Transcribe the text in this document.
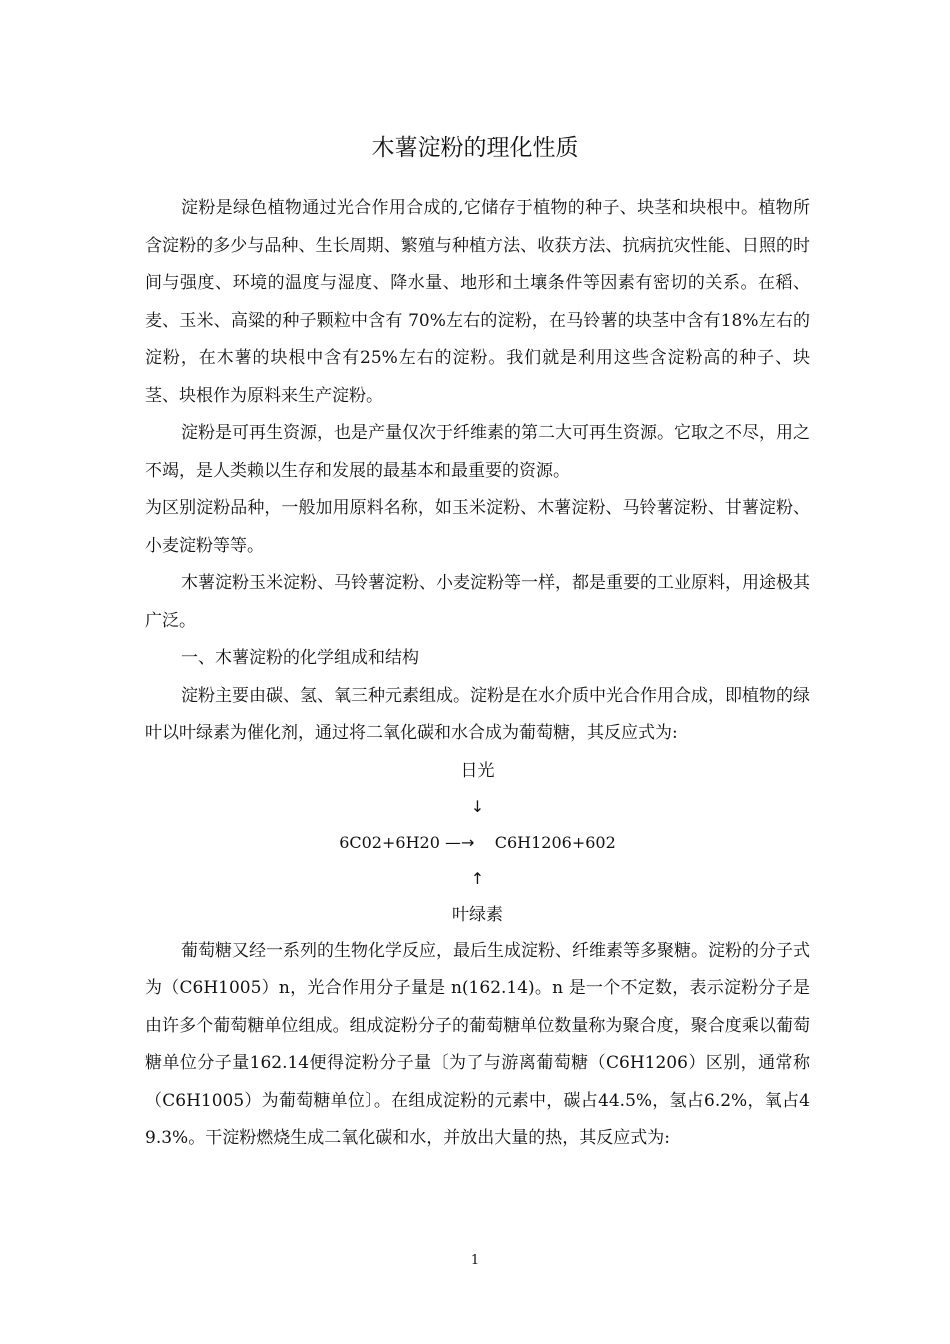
木薯淀粉的理化性质

淀粉是绿色植物通过光合作用合成的,它储存于植物的种子、块茎和块根中。植物所含淀粉的多少与品种、生长周期、繁殖与种植方法、收获方法、抗病抗灾性能、日照的时间与强度、环境的温度与湿度、降水量、地形和土壤条件等因素有密切的关系。在稻、麦、玉米、高粱的种子颗粒中含有 70%左右的淀粉，在马铃薯的块茎中含有18%左右的淀粉，在木薯的块根中含有25%左右的淀粉。我们就是利用这些含淀粉高的种子、块茎、块根作为原料来生产淀粉。

淀粉是可再生资源，也是产量仅次于纤维素的第二大可再生资源。它取之不尽，用之不竭，是人类赖以生存和发展的最基本和最重要的资源。

为区别淀粉品种，一般加用原料名称，如玉米淀粉、木薯淀粉、马铃薯淀粉、甘薯淀粉、小麦淀粉等等。

木薯淀粉玉米淀粉、马铃薯淀粉、小麦淀粉等一样，都是重要的工业原料，用途极其广泛。

一、木薯淀粉的化学组成和结构

淀粉主要由碳、氢、氧三种元素组成。淀粉是在水介质中光合作用合成，即植物的绿叶以叶绿素为催化剂，通过将二氧化碳和水合成为葡萄糖，其反应式为:

日光
↓
6C02+6H20 —→ C6H1206+602
↑
叶绿素

葡萄糖又经一系列的生物化学反应，最后生成淀粉、纤维素等多聚糖。淀粉的分子式为（C6H1005）n，光合作用分子量是 n(162.14)。n 是一个不定数，表示淀粉分子是由许多个葡萄糖单位组成。组成淀粉分子的葡萄糖单位数量称为聚合度，聚合度乘以葡萄糖单位分子量162.14便得淀粉分子量〔为了与游离葡萄糖（C6H1206）区别，通常称（C6H1005）为葡萄糖单位〕。在组成淀粉的元素中，碳占44.5%，氢占6.2%，氧占49.3%。干淀粉燃烧生成二氧化碳和水，并放出大量的热，其反应式为:

1
